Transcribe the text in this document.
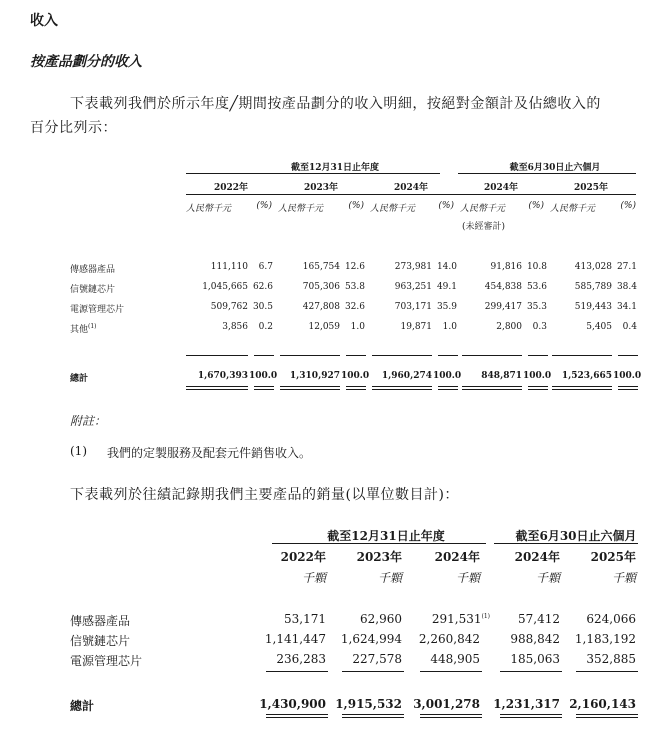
收入
按產品劃分的收入
下表載列我們於所示年度╱期間按產品劃分的收入明細，按絕對金額計及佔總收入的
百分比列示：
截至12月31日止年度	截至6月30日止六個月
2022年	2023年	2024年	2024年	2025年
人民幣千元	(%) 人民幣千元	(%) 人民幣千元	(%) 人民幣千元	(%) 人民幣千元	(%)
(未經審計)
傳感器產品	111,110	6.7	165,754 12.6	273,981 14.0	91,816 10.8	413,028 27.1
信號鏈芯片	1,045,665 62.6	705,306 53.8	963,251 49.1	454,838 53.6	585,789 38.4
電源管理芯片	509,762 30.5	427,808 32.6	703,171 35.9	299,417 35.3	519,443 34.1
其他$^{(1)}$	3,856	0.2	12,059	1.0	19,871	1.0	2,800	0.3	5,405	0.4
總計	1,670,393 100.0	1,310,927 100.0	1,960,274 100.0	848,871 100.0	1,523,665 100.0
附註：
(1) 我們的定製服務及配套元件銷售收入。
下表載列於往績記錄期我們主要產品的銷量(以單位數目計)：
截至12月31日止年度	截至6月30日止六個月
2022年	2023年	2024年	2024年	2025年
千顆	千顆	千顆	千顆	千顆
傳感器產品	53,171	62,960	291,531$^{(1)}$	57,412	624,066
信號鏈芯片	1,141,447	1,624,994	2,260,842	988,842	1,183,192
電源管理芯片	236,283	227,578	448,905	185,063	352,885
總計	1,430,900 1,915,532 3,001,278	1,231,317 2,160,143
